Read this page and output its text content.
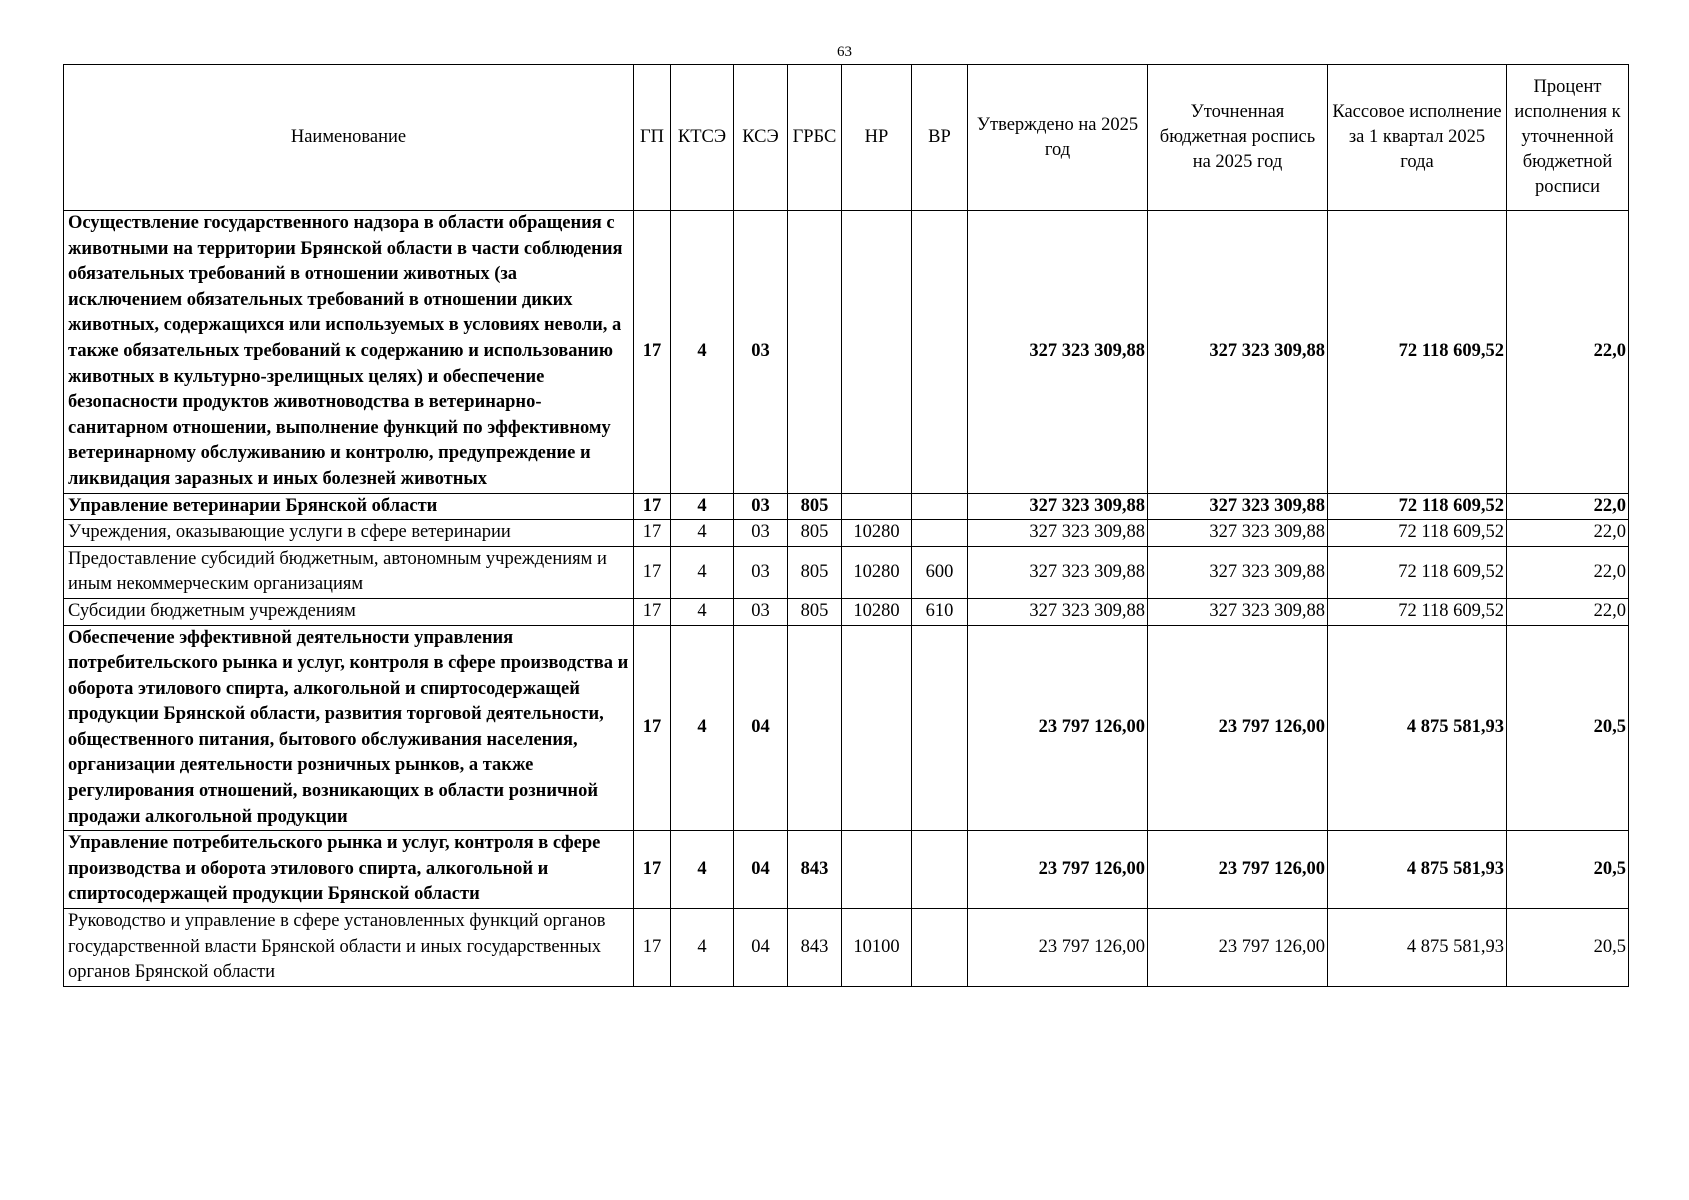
63
Наименование	ГП	КТСЭ	КСЭ	ГРБС	НР	ВР	Утверждено на 2025 год	Уточненная бюджетная роспись на 2025 год	Кассовое исполнение за 1 квартал 2025 года	Процент исполнения к уточненной бюджетной росписи
Осуществление государственного надзора в области обращения с животными на территории Брянской области в части соблюдения обязательных требований в отношении животных (за исключением обязательных требований в отношении диких животных, содержащихся или используемых в условиях неволи, а также обязательных требований к содержанию и использованию животных в культурно-зрелищных целях) и обеспечение безопасности продуктов животноводства в ветеринарно-санитарном отношении, выполнение функций по эффективному ветеринарному обслуживанию и контролю, предупреждение и ликвидация заразных и иных болезней животных	17	4	03				327 323 309,88	327 323 309,88	72 118 609,52	22,0
Управление ветеринарии Брянской области	17	4	03	805			327 323 309,88	327 323 309,88	72 118 609,52	22,0
Учреждения, оказывающие услуги в сфере ветеринарии	17	4	03	805	10280		327 323 309,88	327 323 309,88	72 118 609,52	22,0
Предоставление субсидий бюджетным, автономным учреждениям и иным некоммерческим организациям	17	4	03	805	10280	600	327 323 309,88	327 323 309,88	72 118 609,52	22,0
Субсидии бюджетным учреждениям	17	4	03	805	10280	610	327 323 309,88	327 323 309,88	72 118 609,52	22,0
Обеспечение эффективной деятельности управления потребительского рынка и услуг, контроля в сфере производства и оборота этилового спирта, алкогольной и спиртосодержащей продукции Брянской области, развития торговой деятельности, общественного питания, бытового обслуживания населения, организации деятельности розничных рынков, а также регулирования отношений, возникающих в области розничной продажи алкогольной продукции	17	4	04				23 797 126,00	23 797 126,00	4 875 581,93	20,5
Управление потребительского рынка и услуг, контроля в сфере производства и оборота этилового спирта, алкогольной и спиртосодержащей продукции Брянской области	17	4	04	843			23 797 126,00	23 797 126,00	4 875 581,93	20,5
Руководство и управление в сфере установленных функций органов государственной власти Брянской области и иных государственных органов Брянской области	17	4	04	843	10100		23 797 126,00	23 797 126,00	4 875 581,93	20,5
